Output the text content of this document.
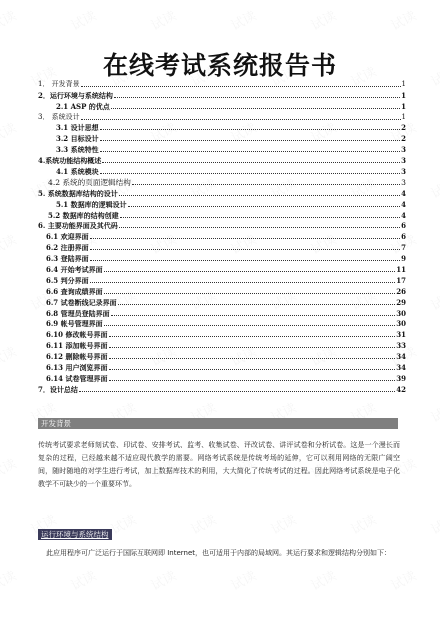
在线考试系统报告书
1． 开发背景	1
2．运行环境与系统结构	1
2.1 ASP 的优点	1
3． 系统设计	1
3.1 设计思想	2
3.2 目标设计	2
3.3 系统特性	3
4.系统功能结构概述	3
4.1 系统模块	3
4.2 系统的页面逻辑结构	3
5. 系统数据库结构的设计	4
5.1 数据库的逻辑设计	4
5.2 数据库的结构创建	4
6. 主要功能界面及其代码	6
6.1 欢迎界面	6
6.2 注册界面	7
6.3 登陆界面	9
6.4 开始考试界面	11
6.5 判分界面	17
6.6 查询成绩界面	26
6.7 试卷断线记录界面	29
6.8 管理员登陆界面	30
6.9 帐号管理界面	30
6.10 修改帐号界面	31
6.11 添加帐号界面	33
6.12 删除帐号界面	34
6.13 用户浏览界面	34
6.14 试卷管理界面	39
7．设计总结	42
开发背景
传统考试要求老师刻试卷、印试卷、安排考试、监考、收集试卷、评改试卷、讲评试卷和分析试卷。这是一个漫长而复杂的过程，已经越来越不适应现代教学的需要。网络考试系统是传统考场的延伸，它可以利用网络的无限广阔空间，随时随地的对学生进行考试，加上数据库技术的利用，大大简化了传统考试的过程。因此网络考试系统是电子化教学不可缺少的一个重要环节。
运行环境与系统结构
此应用程序可广泛运行于国际互联网即 Internet，也可适用于内部的局域网。其运行要求和逻辑结构分别如下：
